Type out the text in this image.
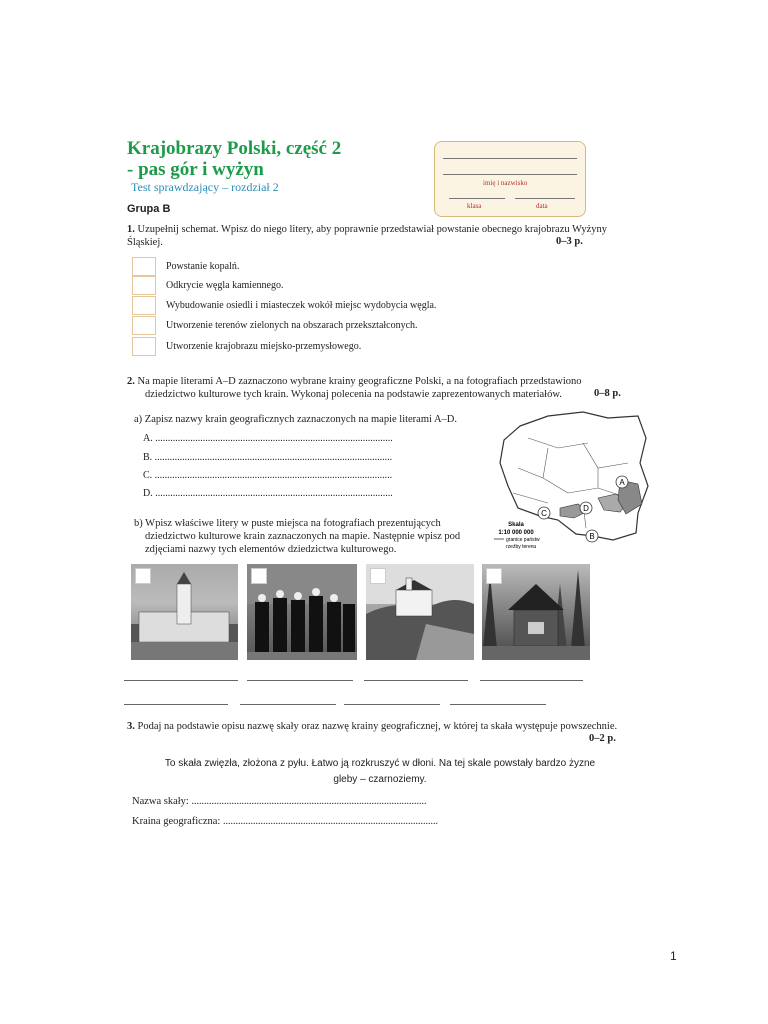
Krajobrazy Polski, część 2
- pas gór i wyżyn
Test sprawdzający – rozdział 2
Grupa B
imię i nazwisko
klasa	data
1. Uzupełnij schemat. Wpisz do niego litery, aby poprawnie przedstawiał powstanie obecnego krajobrazu Wyżyny
Śląskiej.	0–3 p.
Powstanie kopalń.
Odkrycie węgla kamiennego.
Wybudowanie osiedli i miasteczek wokół miejsc wydobycia węgla.
Utworzenie terenów zielonych na obszarach przekształconych.
Utworzenie krajobrazu miejsko-przemysłowego.
2. Na mapie literami A–D zaznaczono wybrane krainy geograficzne Polski, a na fotografiach przedstawiono
dziedzictwo kulturowe tych krain. Wykonaj polecenia na podstawie zaprezentowanych materiałów.	0–8 p.
a) Zapisz nazwy krain geograficznych zaznaczonych na mapie literami A–D.
A. ...............................................................................................
B. ...............................................................................................
C. ...............................................................................................
D. ...............................................................................................
A
B
C
D
Skala
1:10 000 000
granice państw
rzeźby terenu
b) Wpisz właściwe litery w puste miejsca na fotografiach prezentujących
dziedzictwo kulturowe krain zaznaczonych na mapie. Następnie wpisz pod
zdjęciami nazwy tych elementów dziedzictwa kulturowego.
3. Podaj na podstawie opisu nazwę skały oraz nazwę krainy geograficznej, w której ta skała występuje powszechnie.
0–2 p.
To skała zwięzła, złożona z pyłu. Łatwo ją rozkruszyć w dłoni. Na tej skale powstały bardzo żyzne
gleby – czarnoziemy.
Nazwa skały: ..............................................................................................
Kraina geograficzna: ......................................................................................
1
